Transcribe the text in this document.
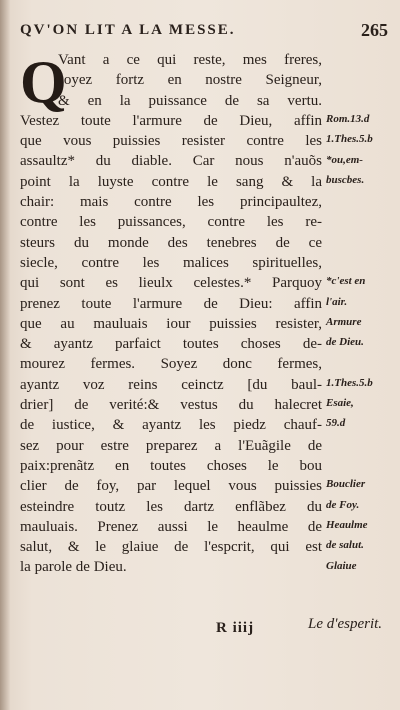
QV'ON LIT A LA MESSE.	265
Q
Vant a ce qui reste, mes freres,
soyez fortz en nostre Seigneur,
& en la puissance de sa vertu.
Vestez toute l'armure de Dieu, affin
que vous puissies resister contre les
assaultz* du diable. Car nous n'auõs
point la luyste contre le sang & la
chair: mais contre les principaultez,
contre les puissances, contre les re-
steurs du monde des tenebres de ce
siecle, contre les malices spirituelles,
qui sont es lieulx celestes.* Parquoy
prenez toute l'armure de Dieu: affin
que au mauluais iour puissies resister,
& ayantz parfaict toutes choses de-
mourez fermes. Soyez donc fermes,
ayantz voz reins ceinctz [du baul-
drier] de verité:& vestus du halecret
de iustice, & ayantz les piedz chauf-
sez pour estre preparez a l'Euãgile de
paix:prenãtz en toutes choses le bou
clier de foy, par lequel vous puissies
esteindre toutz les dartz enflãbez du
mauluais. Prenez aussi le heaulme de
salut, & le glaiue de l'espcrit, qui est
la parole de Dieu.
Rom.13.d
1.Thes.5.b
*ou,em-
buscbes.
*c'est en
l'air.
Armure
de Dieu.
1.Thes.5.b
Esaie,
59.d
Bouclier
de Foy.
Heaulme
de salut.
Glaiue
R iiij	Le d'esperit.
